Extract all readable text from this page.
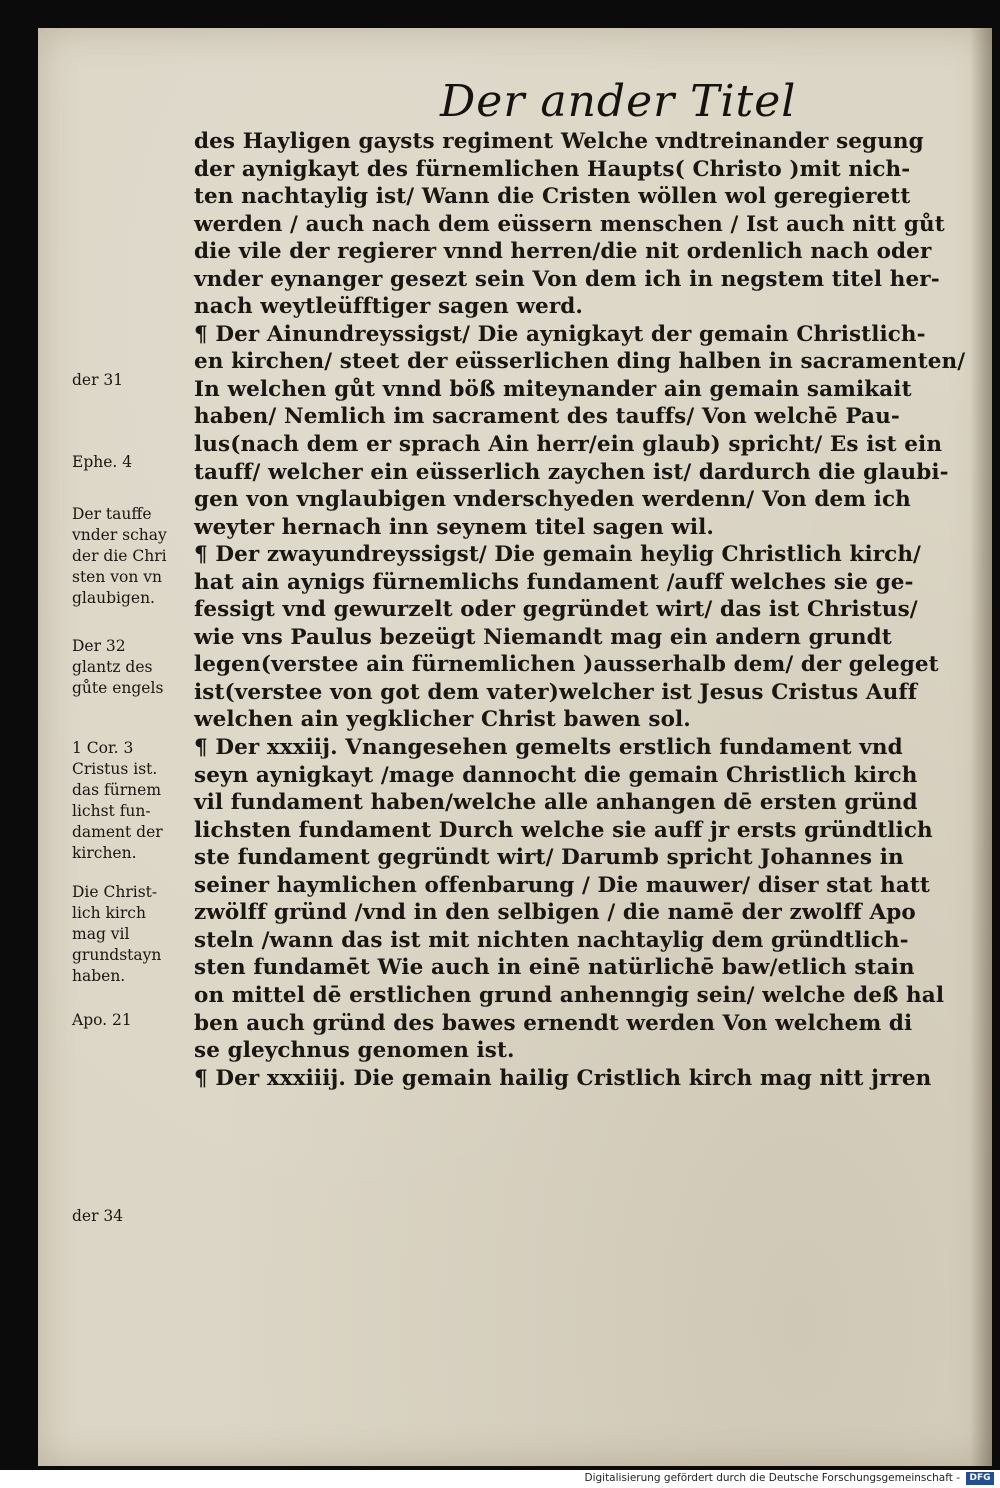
Der ander Titel
des Hayligen gaysts regiment Welche vndtreinander segung
der aynigkayt des fürnemlichen Haupts( Christo )mit nich-
ten nachtaylig ist/ Wann die Cristen wöllen wol geregierett
werden / auch nach dem eüssern menschen / Ist auch nitt gůt
die vile der regierer vnnd herren/die nit ordenlich nach oder
vnder eynanger gesezt sein Von dem ich in negstem titel her-
nach weytleüfftiger sagen werd.
¶ Der Ainundreyssigst/ Die aynigkayt der gemain Christlich-
en kirchen/ steet der eüsserlichen ding halben in sacramenten/
In welchen gůt vnnd böß miteynander ain gemain samikait
haben/ Nemlich im sacrament des tauffs/ Von welchē Pau-
lus(nach dem er sprach Ain herr/ein glaub) spricht/ Es ist ein
tauff/ welcher ein eüsserlich zaychen ist/ dardurch die glaubi-
gen von vnglaubigen vnderschyeden werdenn/ Von dem ich
weyter hernach inn seynem titel sagen wil.
¶ Der zwayundreyssigst/ Die gemain heylig Christlich kirch/
hat ain aynigs fürnemlichs fundament /auff welches sie ge-
fessigt vnd gewurzelt oder gegründet wirt/ das ist Christus/
wie vns Paulus bezeügt Niemandt mag ein andern grundt
legen(verstee ain fürnemlichen )ausserhalb dem/ der geleget
ist(verstee von got dem vater)welcher ist Jesus Cristus Auff
welchen ain yegklicher Christ bawen sol.
¶ Der xxxiij. Vnangesehen gemelts erstlich fundament vnd
seyn aynigkayt /mage dannocht die gemain Christlich kirch
vil fundament haben/welche alle anhangen dē ersten gründ
lichsten fundament Durch welche sie auff jr ersts gründtlich
ste fundament gegründt wirt/ Darumb spricht Johannes in
seiner haymlichen offenbarung / Die mauwer/ diser stat hatt
zwölff gründ /vnd in den selbigen / die namē der zwolff Apo
steln /wann das ist mit nichten nachtaylig dem gründtlich-
sten fundamēt Wie auch in einē natürlichē baw/etlich stain
on mittel dē erstlichen grund anhenngig sein/ welche deß hal
ben auch gründ des bawes ernendt werden Von welchem di
se gleychnus genomen ist.
¶ Der xxxiiij. Die gemain hailig Cristlich kirch mag nitt jrren
der 31
Ephe. 4
Der tauffe
vnder schay
der die Chri
sten von vn
glaubigen.
Der 32
glantz des
gůte engels
1 Cor. 3
Cristus ist.
das fürnem
lichst fun-
dament der
kirchen.
Die Christ-
lich kirch
mag vil
grundstayn
haben.
Apo. 21
der 34
Digitalisierung gefördert durch die Deutsche Forschungsgemeinschaft -	DFG
